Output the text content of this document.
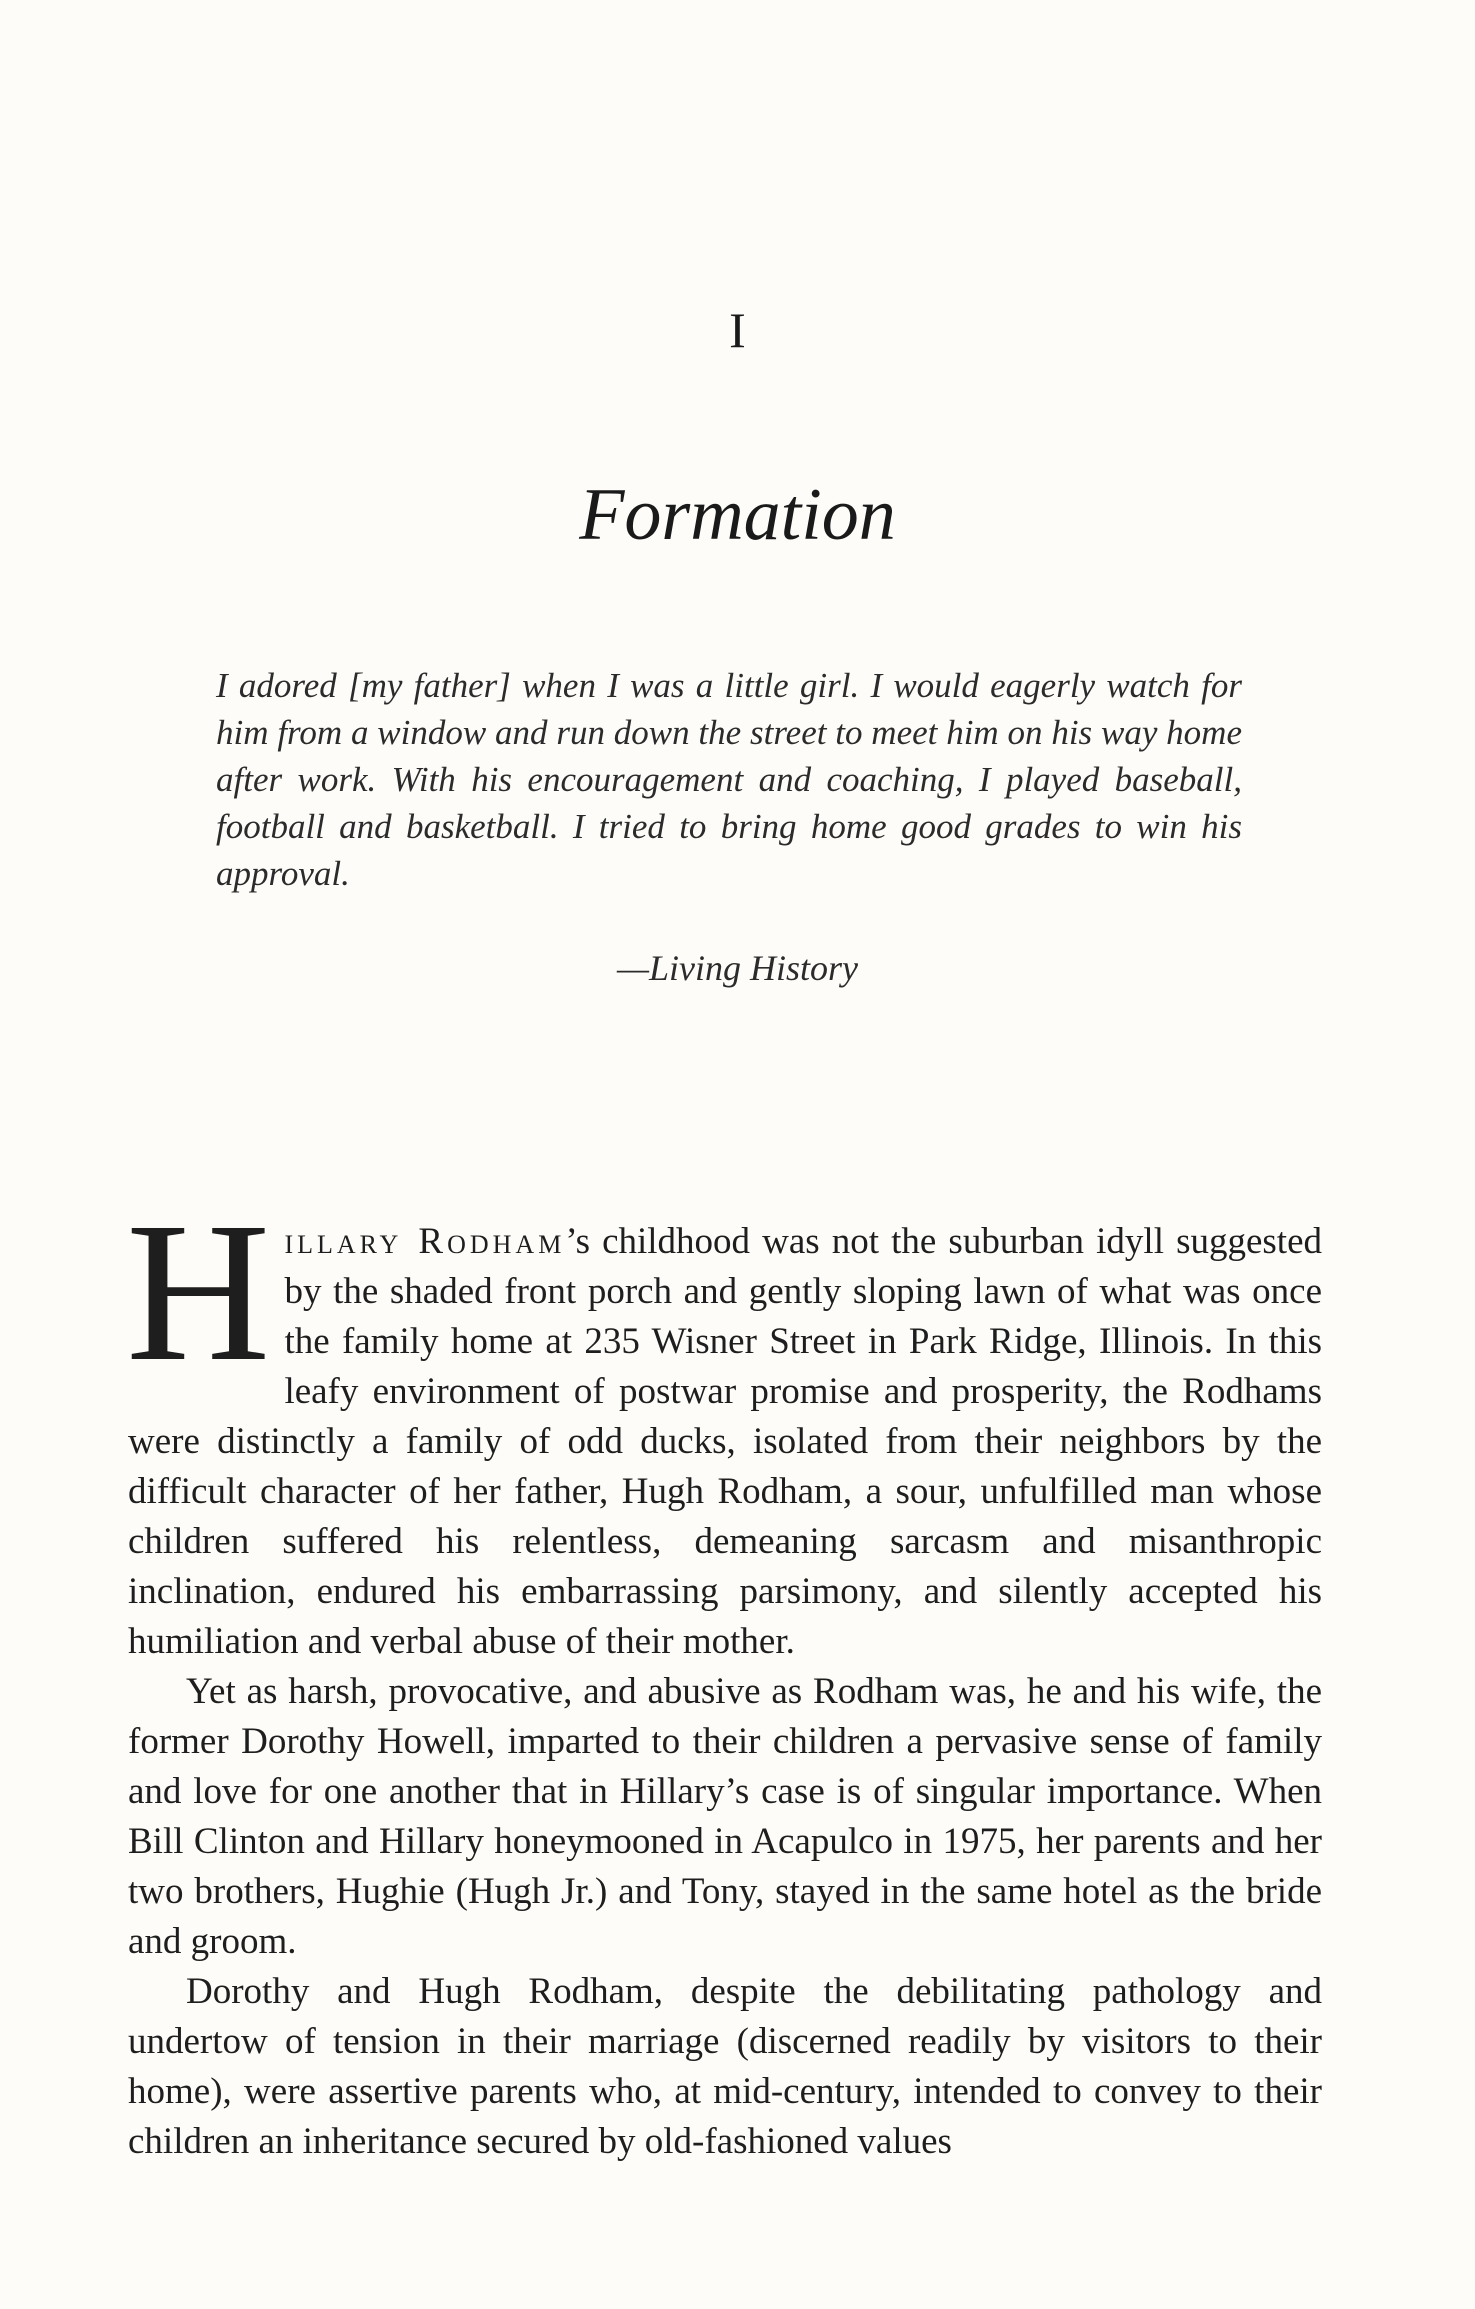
I
Formation

I adored [my father] when I was a little girl. I would eagerly watch for him from a window and run down the street to meet him on his way home after work. With his encouragement and coaching, I played baseball, football and basketball. I tried to bring home good grades to win his approval.

—Living History

Hillary Rodham’s childhood was not the suburban idyll suggested by the shaded front porch and gently sloping lawn of what was once the family home at 235 Wisner Street in Park Ridge, Illinois. In this leafy environment of postwar promise and prosperity, the Rodhams were distinctly a family of odd ducks, isolated from their neighbors by the difficult character of her father, Hugh Rodham, a sour, unfulfilled man whose children suffered his relentless, demeaning sarcasm and misanthropic inclination, endured his embarrassing parsimony, and silently accepted his humiliation and verbal abuse of their mother.

Yet as harsh, provocative, and abusive as Rodham was, he and his wife, the former Dorothy Howell, imparted to their children a pervasive sense of family and love for one another that in Hillary’s case is of singular importance. When Bill Clinton and Hillary honeymooned in Acapulco in 1975, her parents and her two brothers, Hughie (Hugh Jr.) and Tony, stayed in the same hotel as the bride and groom.

Dorothy and Hugh Rodham, despite the debilitating pathology and undertow of tension in their marriage (discerned readily by visitors to their home), were assertive parents who, at mid-century, intended to convey to their children an inheritance secured by old-fashioned values
